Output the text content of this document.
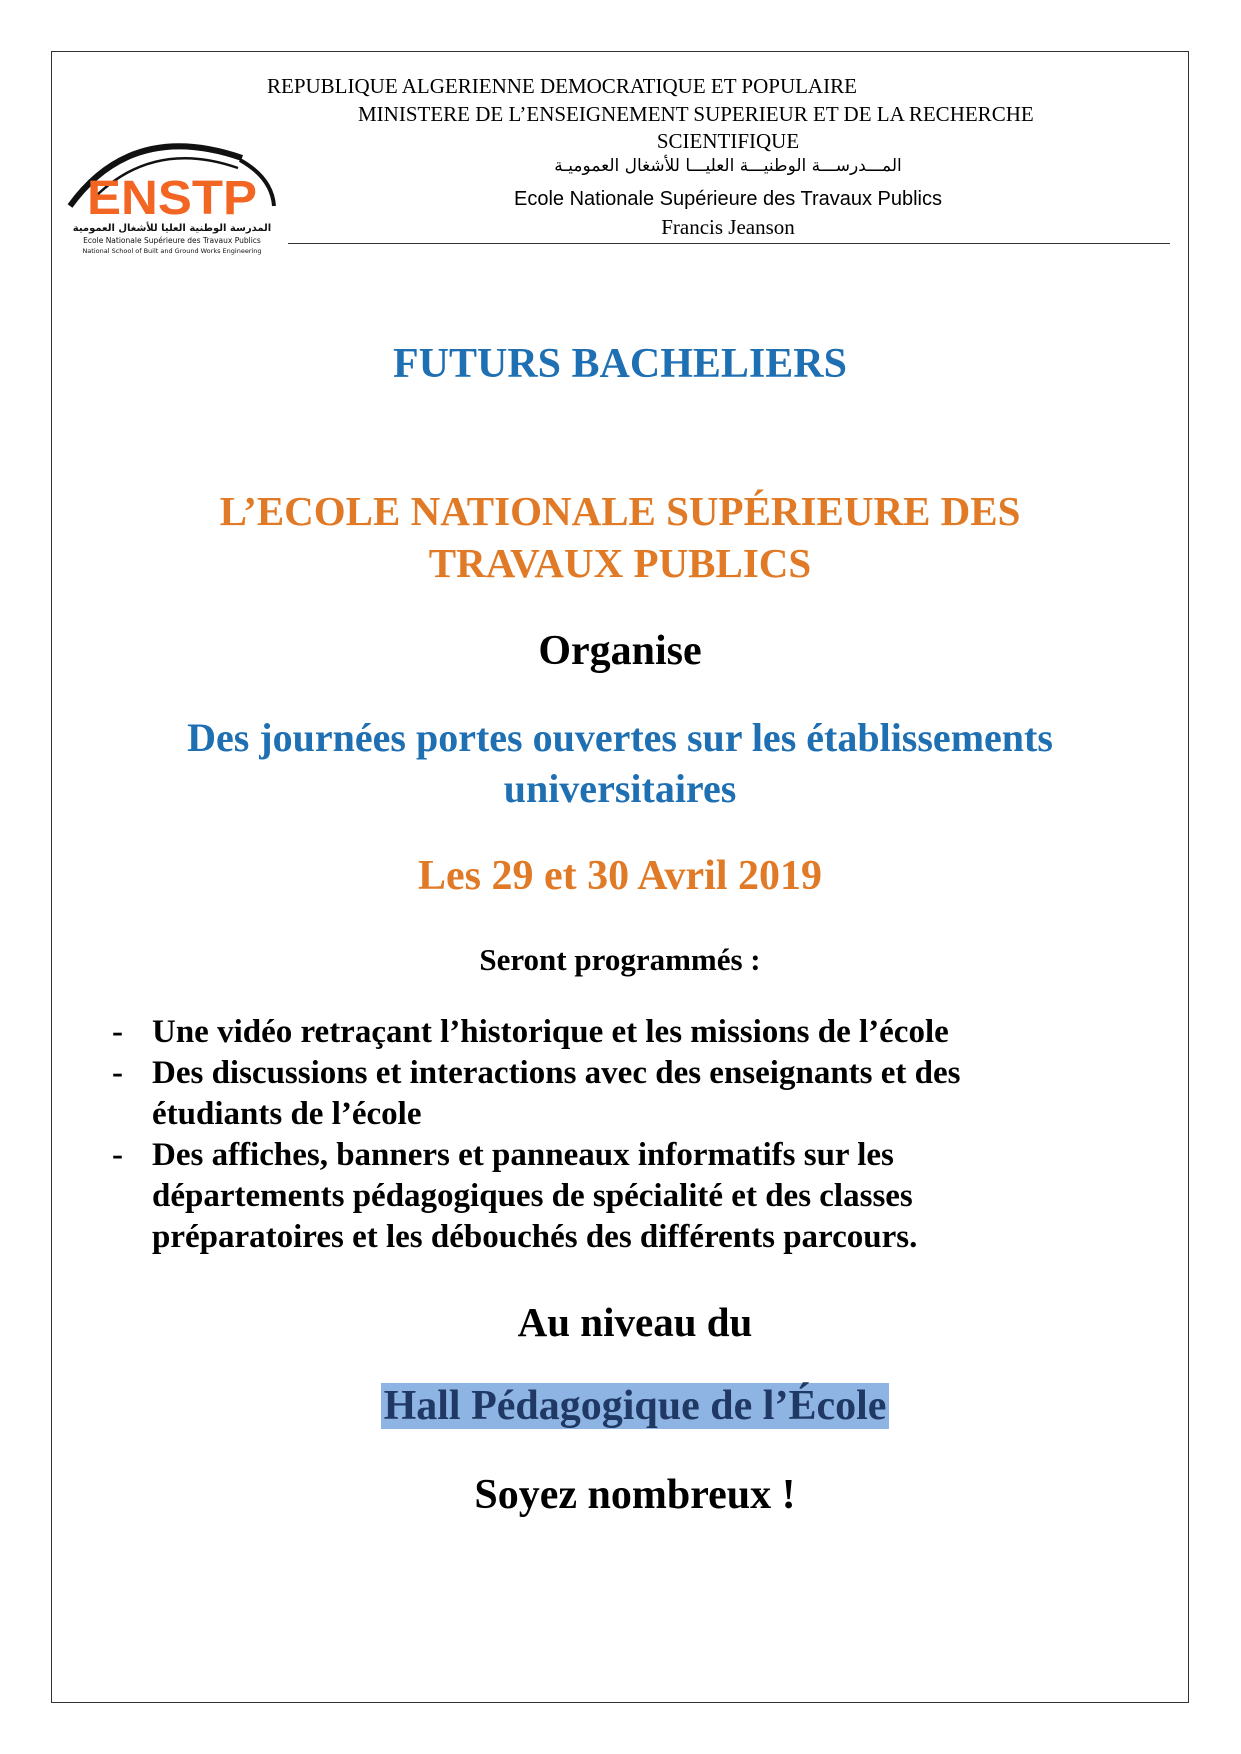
ENSTP
المدرسة الوطنية العليا للأشغال العمومية
Ecole Nationale Supérieure des Travaux Publics
National School of Built and Ground Works Engineering
REPUBLIQUE ALGERIENNE DEMOCRATIQUE ET POPULAIRE
MINISTERE DE L’ENSEIGNEMENT SUPERIEUR ET DE LA RECHERCHE
SCIENTIFIQUE
المـــدرســـة الوطنيـــة العليـــا للأشغال العموميـة
Ecole Nationale Supérieure des Travaux Publics
Francis Jeanson
FUTURS BACHELIERS
L’ECOLE NATIONALE SUPÉRIEURE DES
TRAVAUX PUBLICS
Organise
Des journées portes ouvertes sur les établissements
universitaires
Les 29 et 30 Avril 2019
Seront programmés :
- Une vidéo retraçant l’historique et les missions de l’école
- Des discussions et interactions avec des enseignants et des
étudiants de l’école
- Des affiches, banners et panneaux informatifs sur les
départements pédagogiques de spécialité et des classes
préparatoires et les débouchés des différents parcours.
Au niveau du
Hall Pédagogique de l’École
Soyez nombreux !
